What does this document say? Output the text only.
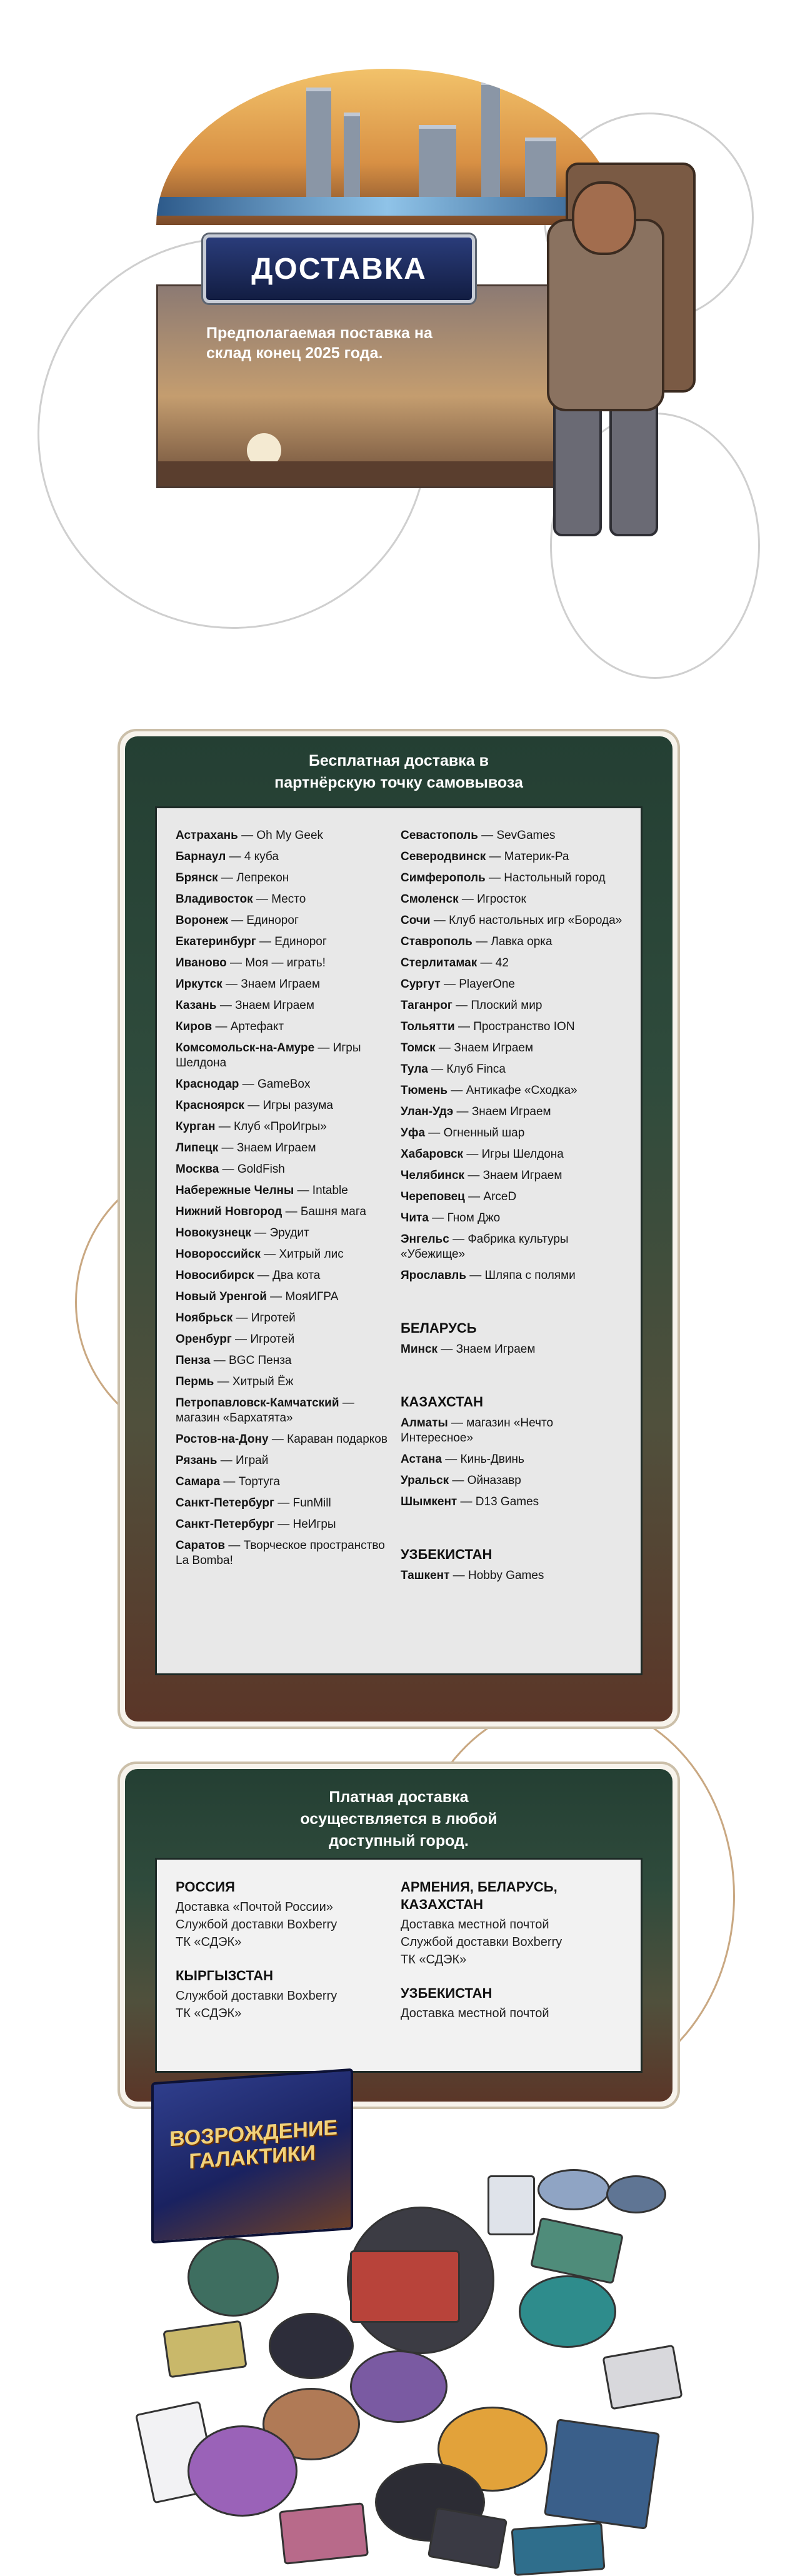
ДОСТАВКА
Предполагаемая поставка на склад конец 2025 года.
Бесплатная доставка в партнёрскую точку самовывоза
Астрахань — Oh My Geek
Барнаул — 4 куба
Брянск — Лепрекон
Владивосток — Место
Воронеж — Единорог
Екатеринбург — Единорог
Иваново — Моя — играть!
Иркутск — Знаем Играем
Казань — Знаем Играем
Киров — Артефакт
Комсомольск-на-Амуре — Игры Шелдона
Краснодар — GameBox
Красноярск — Игры разума
Курган — Клуб «ПроИгры»
Липецк — Знаем Играем
Москва — GoldFish
Набережные Челны — Intable
Нижний Новгород — Башня мага
Новокузнецк — Эрудит
Новороссийск — Хитрый лис
Новосибирск — Два кота
Новый Уренгой — МояИГРА
Ноябрьск — Игротей
Оренбург — Игротей
Пенза — BGC Пенза
Пермь — Хитрый Ёж
Петропавловск-Камчатский — магазин «Бархатята»
Ростов-на-Дону — Караван подарков
Рязань — Играй
Самара — Тортуга
Санкт-Петербург — FunMill
Санкт-Петербург — НеИгры
Саратов — Творческое пространство La Bomba!
Севастополь — SevGames
Северодвинск — Материк-Ра
Симферополь — Настольный город
Смоленск — Игросток
Сочи — Клуб настольных игр «Борода»
Ставрополь — Лавка орка
Стерлитамак — 42
Сургут — PlayerOne
Таганрог — Плоский мир
Тольятти — Пространство ION
Томск — Знаем Играем
Тула — Клуб Finca
Тюмень — Антикафе «Сходка»
Улан-Удэ — Знаем Играем
Уфа — Огненный шар
Хабаровск — Игры Шелдона
Челябинск — Знаем Играем
Череповец — ArceD
Чита — Гном Джо
Энгельс — Фабрика культуры «Убежище»
Ярославль — Шляпа с полями
БЕЛАРУСЬ
Минск — Знаем Играем
КАЗАХСТАН
Алматы — магазин «Нечто Интересное»
Астана — Кинь-Двинь
Уральск — Ойназавр
Шымкент — D13 Games
УЗБЕКИСТАН
Ташкент — Hobby Games
Платная доставка осуществляется в любой доступный город.
РОССИЯ
Доставка «Почтой России»
Службой доставки Boxberry
ТК «СДЭК»
КЫРГЫЗСТАН
Службой доставки Boxberry
ТК «СДЭК»
АРМЕНИЯ, БЕЛАРУСЬ, КАЗАХСТАН
Доставка местной почтой
Службой доставки Boxberry
ТК «СДЭК»
УЗБЕКИСТАН
Доставка местной почтой
ВОЗРОЖДЕНИЕ ГАЛАКТИКИ
